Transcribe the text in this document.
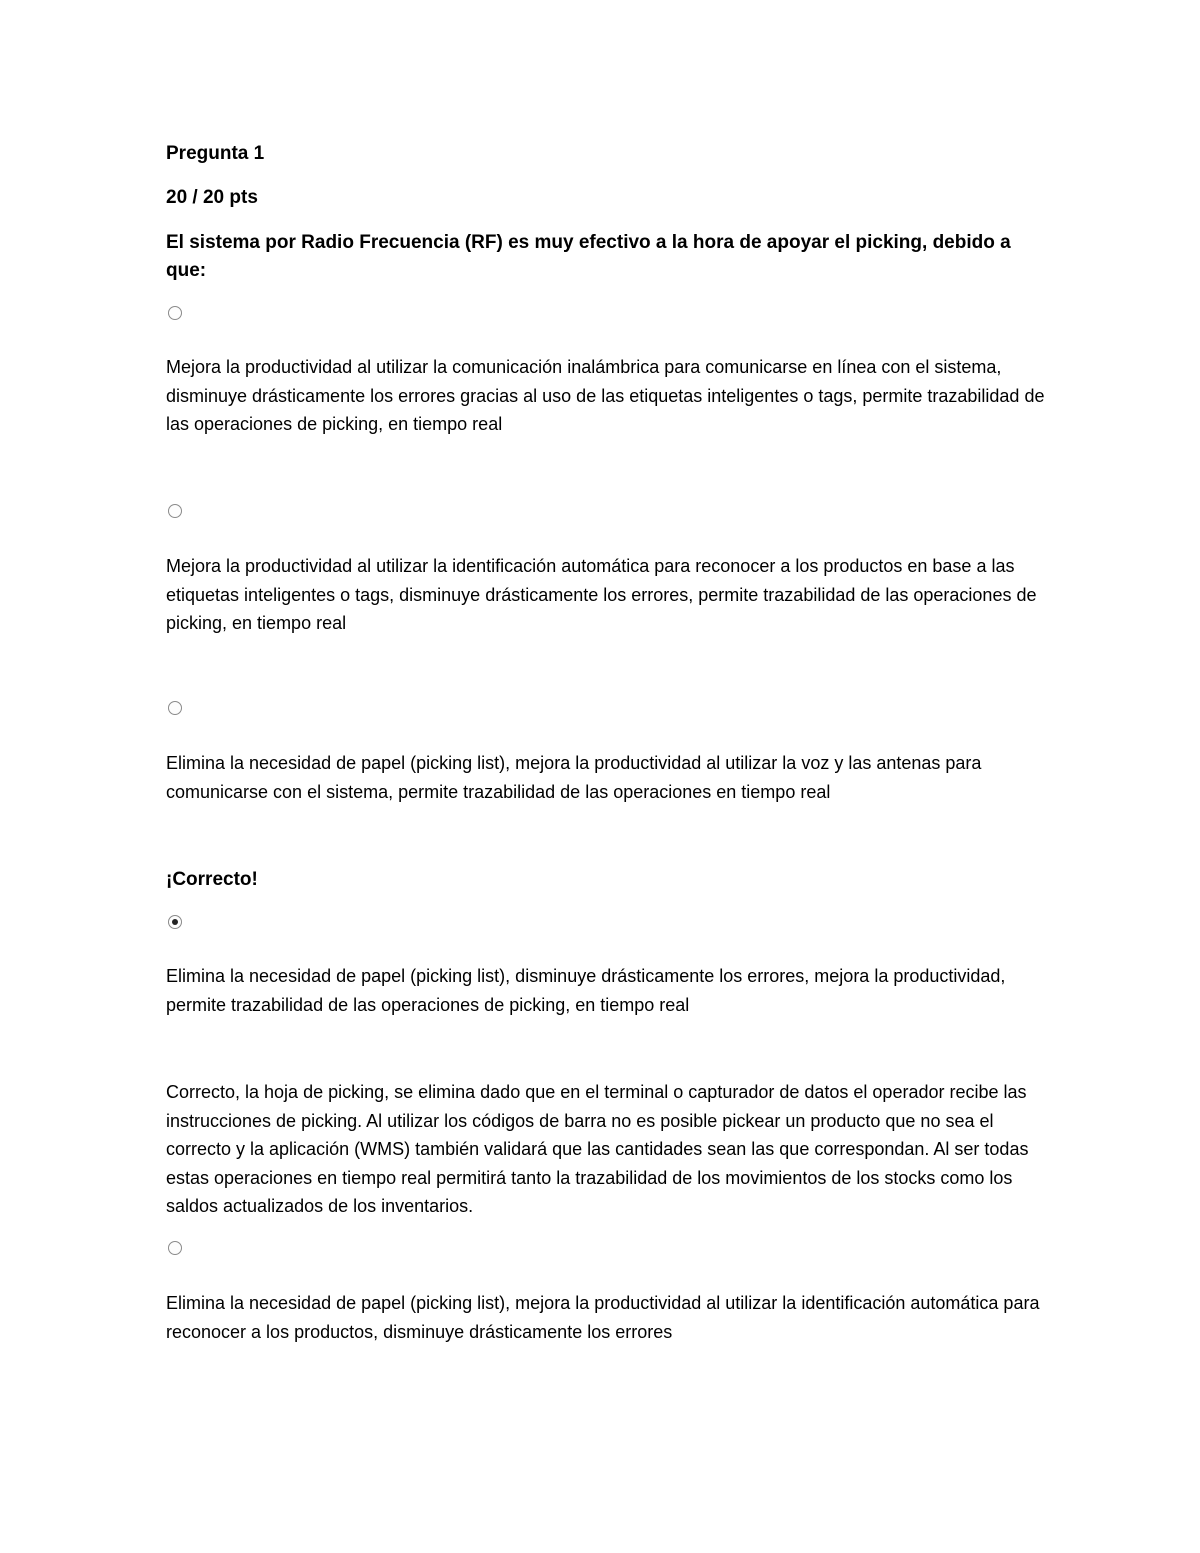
Pregunta 1
20 / 20 pts
El sistema por Radio Frecuencia (RF) es muy efectivo a la hora de apoyar el picking, debido a que:
Mejora la productividad al utilizar la comunicación inalámbrica para comunicarse en línea con el sistema, disminuye drásticamente los errores gracias al uso de las etiquetas inteligentes o tags, permite trazabilidad de las operaciones de picking, en tiempo real
Mejora la productividad al utilizar la identificación automática para reconocer a los productos en base a las etiquetas inteligentes o tags, disminuye drásticamente los errores, permite trazabilidad de las operaciones de picking, en tiempo real
Elimina la necesidad de papel (picking list), mejora la productividad al utilizar la voz y las antenas para comunicarse con el sistema, permite trazabilidad de las operaciones en tiempo real
¡Correcto!
Elimina la necesidad de papel (picking list), disminuye drásticamente los errores, mejora la productividad, permite trazabilidad de las operaciones de picking, en tiempo real
Correcto, la hoja de picking, se elimina dado que en el terminal o capturador de datos el operador recibe las instrucciones de picking. Al utilizar los códigos de barra no es posible pickear un producto que no sea el correcto y la aplicación (WMS) también validará que las cantidades sean las que correspondan. Al ser todas estas operaciones en tiempo real permitirá tanto la trazabilidad de los movimientos de los stocks como los saldos actualizados de los inventarios.
Elimina la necesidad de papel (picking list), mejora la productividad al utilizar la identificación automática para reconocer a los productos, disminuye drásticamente los errores
